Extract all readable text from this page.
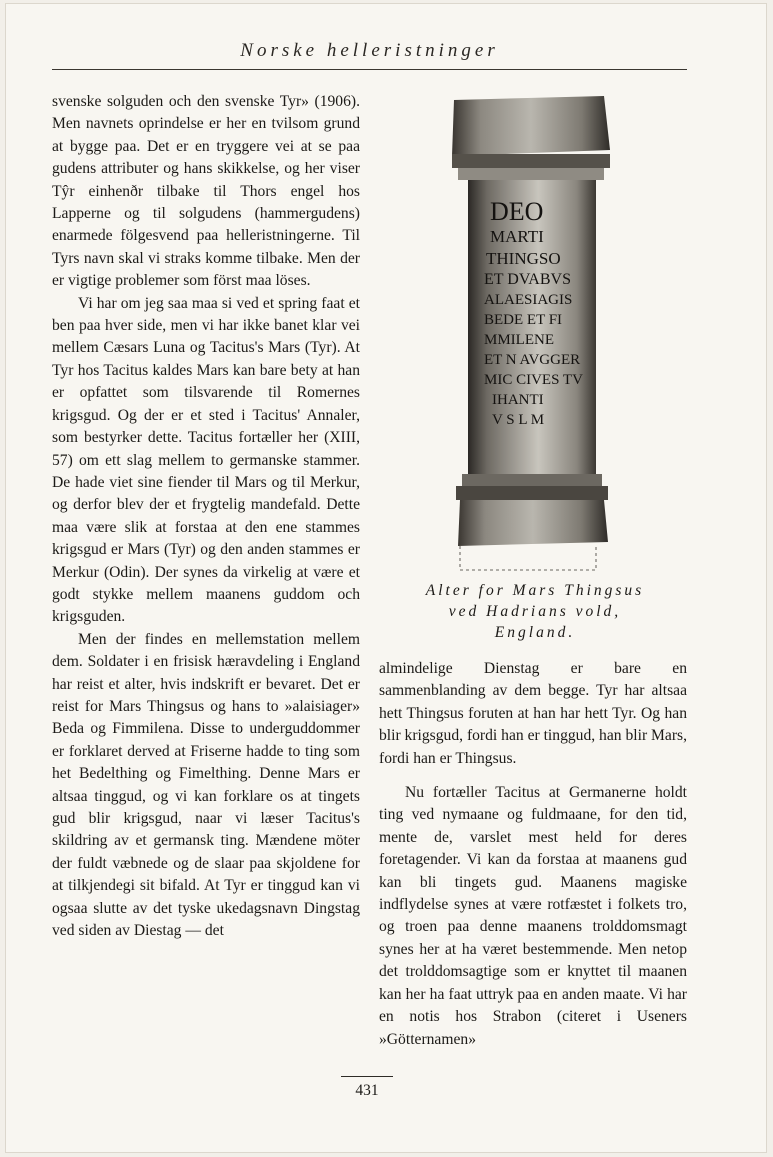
Norske helleristninger

svenske solguden och den svenske Tyr» (1906). Men navnets oprindelse er her en tvilsom grund at bygge paa. Det er en tryggere vei at se paa gudens attributer og hans skikkelse, og her viser Tŷr einhenðr tilbake til Thors engel hos Lapperne og til solgudens (hammergudens) enarmede fölgesvend paa helleristningerne. Til Tyrs navn skal vi straks komme tilbake. Men der er vigtige problemer som först maa löses.

Vi har om jeg saa maa si ved et spring faat et ben paa hver side, men vi har ikke banet klar vei mellem Cæsars Luna og Tacitus's Mars (Tyr). At Tyr hos Tacitus kaldes Mars kan bare bety at han er opfattet som tilsvarende til Romernes krigsgud. Og der er et sted i Tacitus' Annaler, som bestyrker dette. Tacitus fortæller her (XIII, 57) om ett slag mellem to germanske stammer. De hade viet sine fiender til Mars og til Merkur, og derfor blev der et frygtelig mandefald. Dette maa være slik at forstaa at den ene stammes krigsgud er Mars (Tyr) og den anden stammes er Merkur (Odin). Der synes da virkelig at være et godt stykke mellem maanens guddom och krigsguden.

Men der findes en mellemstation mellem dem. Soldater i en frisisk hæravdeling i England har reist et alter, hvis indskrift er bevaret. Det er reist for Mars Thingsus og hans to »alaisiager» Beda og Fimmilena. Disse to underguddommer er forklaret derved at Friserne hadde to ting som het Bedelthing og Fimelthing. Denne Mars er altsaa tinggud, og vi kan forklare os at tingets gud blir krigsgud, naar vi læser Tacitus's skildring av et germansk ting. Mændene möter der fuldt væbnede og de slaar paa skjoldene for at tilkjendegi sit bifald. At Tyr er tinggud kan vi ogsaa slutte av det tyske ukedagsnavn Dingstag ved siden av Diestag — det

DEO
MARTI
THINGSO
ET DVABVS
ALAESIAGIS
BEDE ET FI
MMILENE
ET N AVGGER
MIC CIVES TV
IHANTI
V S L M
Alter for Mars Thingsus
ved Hadrians vold,
England.

almindelige Dienstag er bare en sammenblanding av dem begge. Tyr har altsaa hett Thingsus foruten at han har hett Tyr. Og han blir krigsgud, fordi han er tinggud, han blir Mars, fordi han er Thingsus.

Nu fortæller Tacitus at Germanerne holdt ting ved nymaane og fuldmaane, for den tid, mente de, varslet mest held for deres foretagender. Vi kan da forstaa at maanens gud kan bli tingets gud. Maanens magiske indflydelse synes at være rotfæstet i folkets tro, og troen paa denne maanens trolddomsmagt synes her at ha været bestemmende. Men netop det trolddomsagtige som er knyttet til maanen kan her ha faat uttryk paa en anden maate. Vi har en notis hos Strabon (citeret i Useners »Götternamen»

431
